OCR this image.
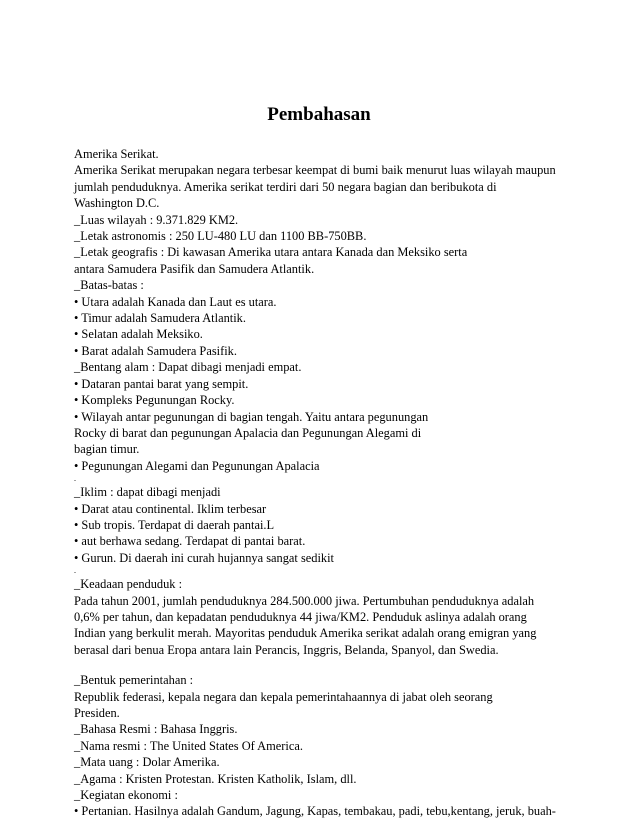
Pembahasan
Amerika Serikat.
Amerika Serikat merupakan negara terbesar keempat di bumi baik menurut luas wilayah maupun
jumlah penduduknya. Amerika serikat terdiri dari 50 negara bagian dan beribukota di
Washington D.C.
_Luas wilayah : 9.371.829 KM2.
_Letak astronomis : 250 LU-480 LU dan 1100 BB-750BB.
_Letak geografis : Di kawasan Amerika utara antara Kanada dan Meksiko serta
antara Samudera Pasifik dan Samudera Atlantik.
_Batas-batas :
• Utara adalah Kanada dan Laut es utara.
• Timur adalah Samudera Atlantik.
• Selatan adalah Meksiko.
• Barat adalah Samudera Pasifik.
_Bentang alam : Dapat dibagi menjadi empat.
• Dataran pantai barat yang sempit.
• Kompleks Pegunungan Rocky.
• Wilayah antar pegunungan di bagian tengah. Yaitu antara pegunungan
Rocky di barat dan pegunungan Apalacia dan Pegunungan Alegami di
bagian timur.
• Pegunungan Alegami dan Pegunungan Apalacia
.
_Iklim : dapat dibagi menjadi
• Darat atau continental. Iklim terbesar
• Sub tropis. Terdapat di daerah pantai.L
• aut berhawa sedang. Terdapat di pantai barat.
• Gurun. Di daerah ini curah hujannya sangat sedikit
.
_Keadaan penduduk :
Pada tahun 2001, jumlah penduduknya 284.500.000 jiwa. Pertumbuhan penduduknya adalah
0,6% per tahun, dan kepadatan penduduknya 44 jiwa/KM2. Penduduk aslinya adalah orang
Indian yang berkulit merah. Mayoritas penduduk Amerika serikat adalah orang emigran yang
berasal dari benua Eropa antara lain Perancis, Inggris, Belanda, Spanyol, dan Swedia.
_Bentuk pemerintahan :
Republik federasi, kepala negara dan kepala pemerintahaannya di jabat oleh seorang
Presiden.
_Bahasa Resmi : Bahasa Inggris.
_Nama resmi : The United States Of America.
_Mata uang : Dolar Amerika.
_Agama : Kristen Protestan. Kristen Katholik, Islam, dll.
_Kegiatan ekonomi :
• Pertanian. Hasilnya adalah Gandum, Jagung, Kapas, tembakau, padi, tebu,kentang, jeruk, buah-
